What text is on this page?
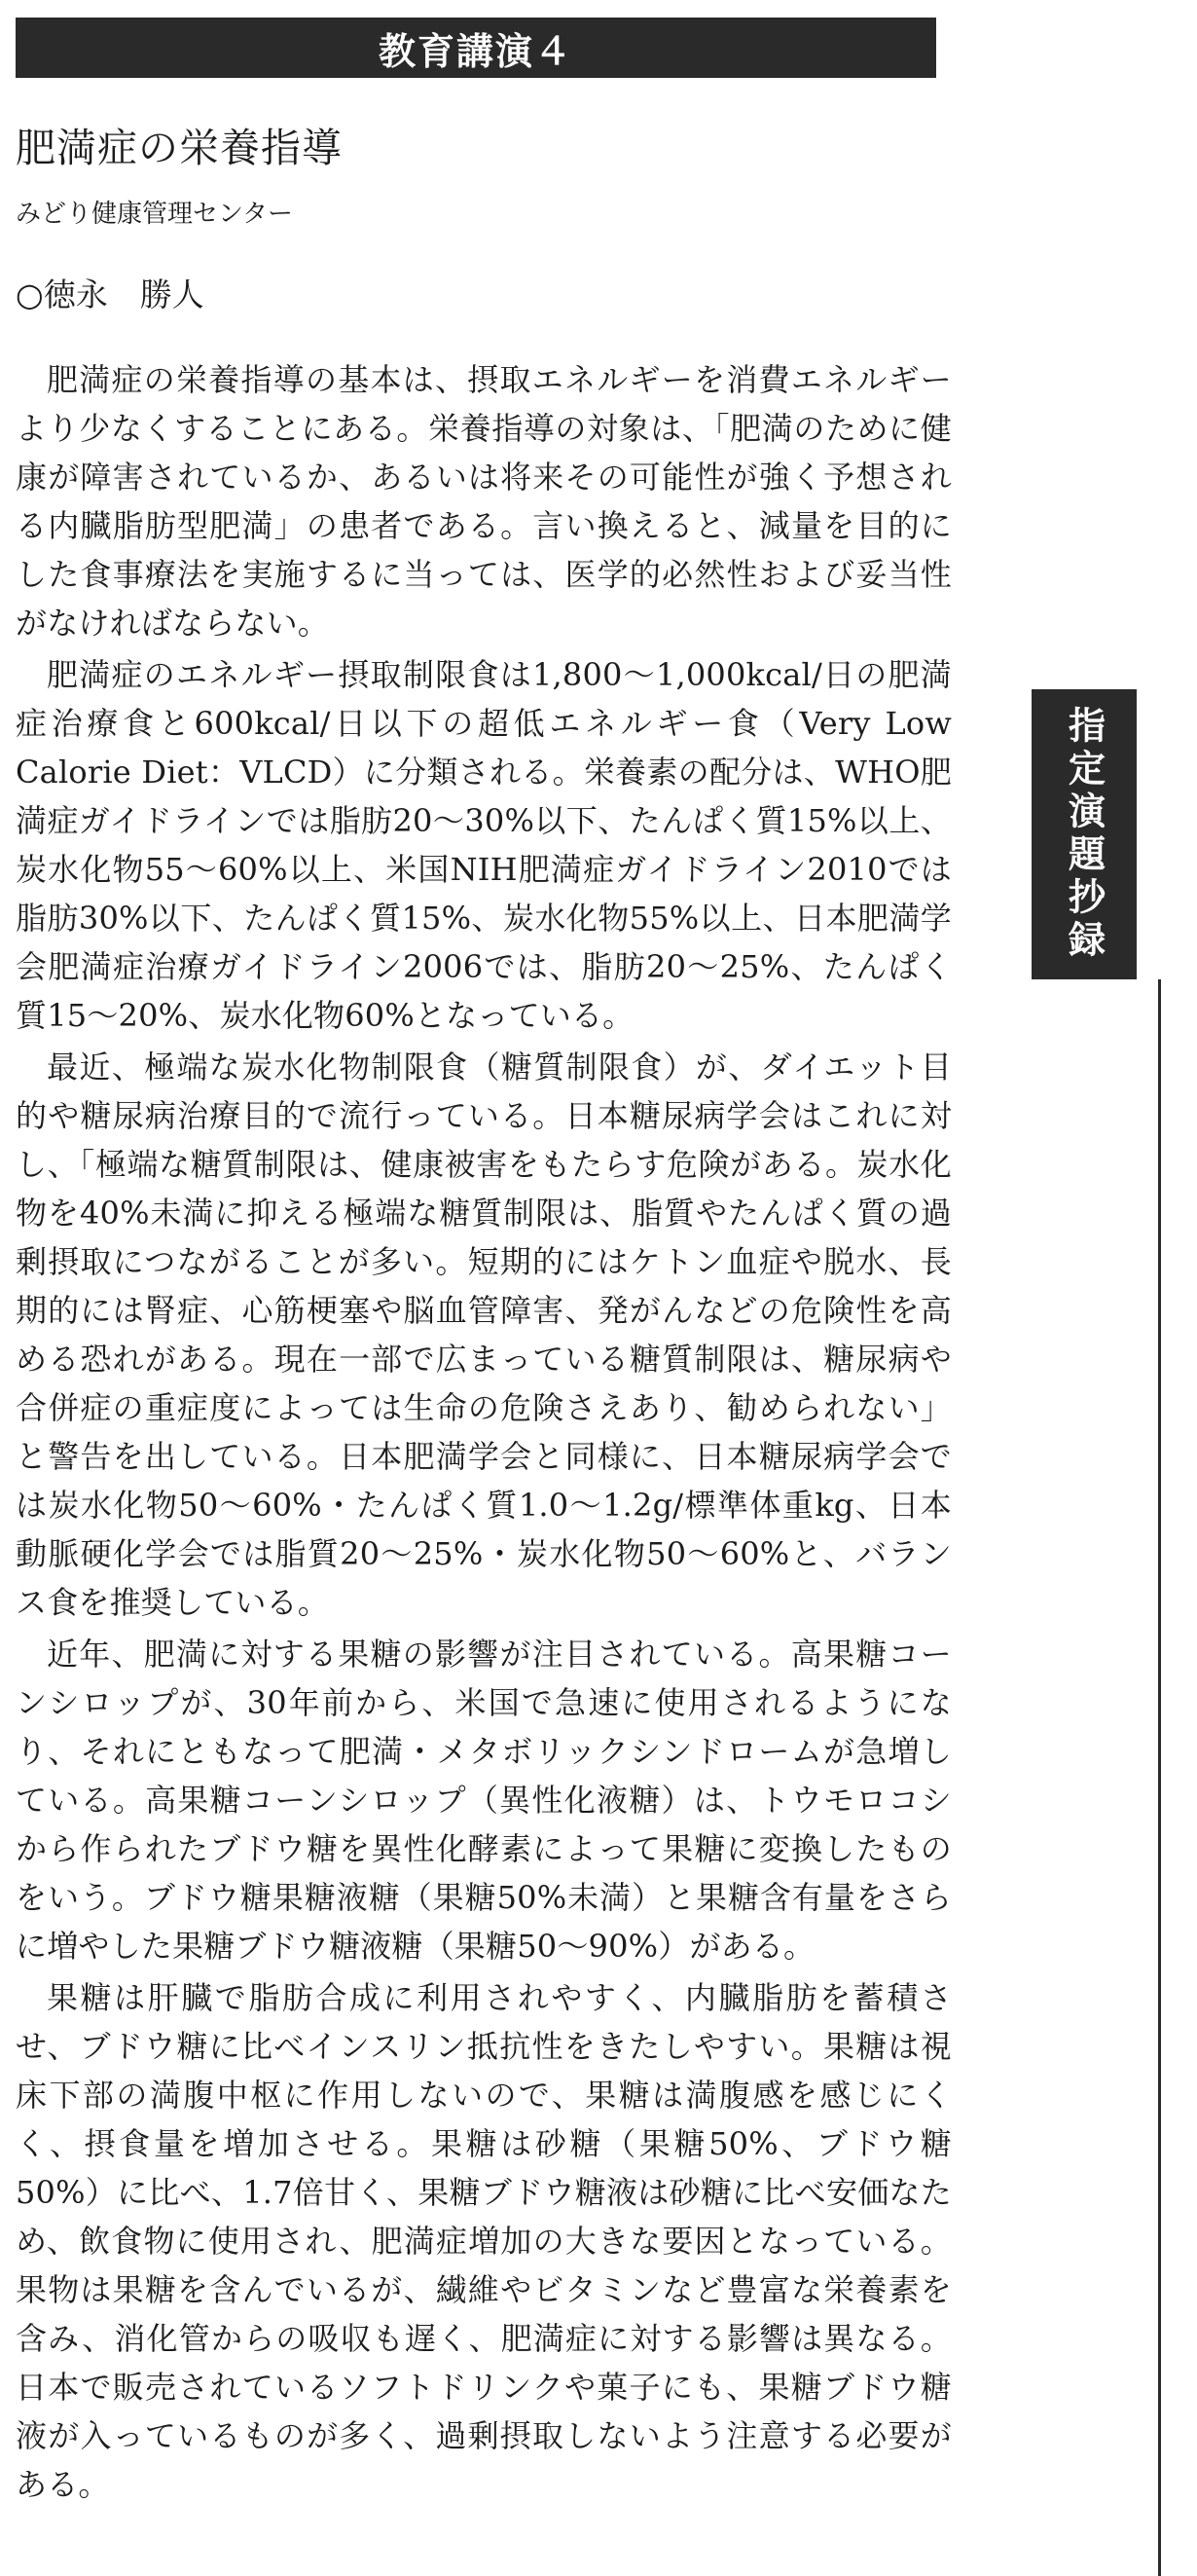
教育講演４
肥満症の栄養指導
みどり健康管理センター
○徳永　勝人

肥満症の栄養指導の基本は、摂取エネルギーを消費エネルギーより少なくすることにある。栄養指導の対象は、「肥満のために健康が障害されているか、あるいは将来その可能性が強く予想される内臓脂肪型肥満」の患者である。言い換えると、減量を目的にした食事療法を実施するに当っては、医学的必然性および妥当性がなければならない。

肥満症のエネルギー摂取制限食は1,800～1,000kcal/日の肥満症治療食と600kcal/日以下の超低エネルギー食（Very Low Calorie Diet：VLCD）に分類される。栄養素の配分は、WHO肥満症ガイドラインでは脂肪20～30%以下、たんぱく質15%以上、炭水化物55～60%以上、米国NIH肥満症ガイドライン2010では脂肪30%以下、たんぱく質15%、炭水化物55%以上、日本肥満学会肥満症治療ガイドライン2006では、脂肪20～25%、たんぱく質15～20%、炭水化物60%となっている。

最近、極端な炭水化物制限食（糖質制限食）が、ダイエット目的や糖尿病治療目的で流行っている。日本糖尿病学会はこれに対し、「極端な糖質制限は、健康被害をもたらす危険がある。炭水化物を40%未満に抑える極端な糖質制限は、脂質やたんぱく質の過剰摂取につながることが多い。短期的にはケトン血症や脱水、長期的には腎症、心筋梗塞や脳血管障害、発がんなどの危険性を高める恐れがある。現在一部で広まっている糖質制限は、糖尿病や合併症の重症度によっては生命の危険さえあり、勧められない」と警告を出している。日本肥満学会と同様に、日本糖尿病学会では炭水化物50～60%・たんぱく質1.0～1.2g/標準体重kg、日本動脈硬化学会では脂質20～25%・炭水化物50～60%と、バランス食を推奨している。

近年、肥満に対する果糖の影響が注目されている。高果糖コーンシロップが、30年前から、米国で急速に使用されるようになり、それにともなって肥満・メタボリックシンドロームが急増している。高果糖コーンシロップ（異性化液糖）は、トウモロコシから作られたブドウ糖を異性化酵素によって果糖に変換したものをいう。ブドウ糖果糖液糖（果糖50%未満）と果糖含有量をさらに増やした果糖ブドウ糖液糖（果糖50～90%）がある。

果糖は肝臓で脂肪合成に利用されやすく、内臓脂肪を蓄積させ、ブドウ糖に比べインスリン抵抗性をきたしやすい。果糖は視床下部の満腹中枢に作用しないので、果糖は満腹感を感じにくく、摂食量を増加させる。果糖は砂糖（果糖50%、ブドウ糖50%）に比べ、1.7倍甘く、果糖ブドウ糖液は砂糖に比べ安価なため、飲食物に使用され、肥満症増加の大きな要因となっている。果物は果糖を含んでいるが、繊維やビタミンなど豊富な栄養素を含み、消化管からの吸収も遅く、肥満症に対する影響は異なる。日本で販売されているソフトドリンクや菓子にも、果糖ブドウ糖液が入っているものが多く、過剰摂取しないよう注意する必要がある。

指定演題抄録
